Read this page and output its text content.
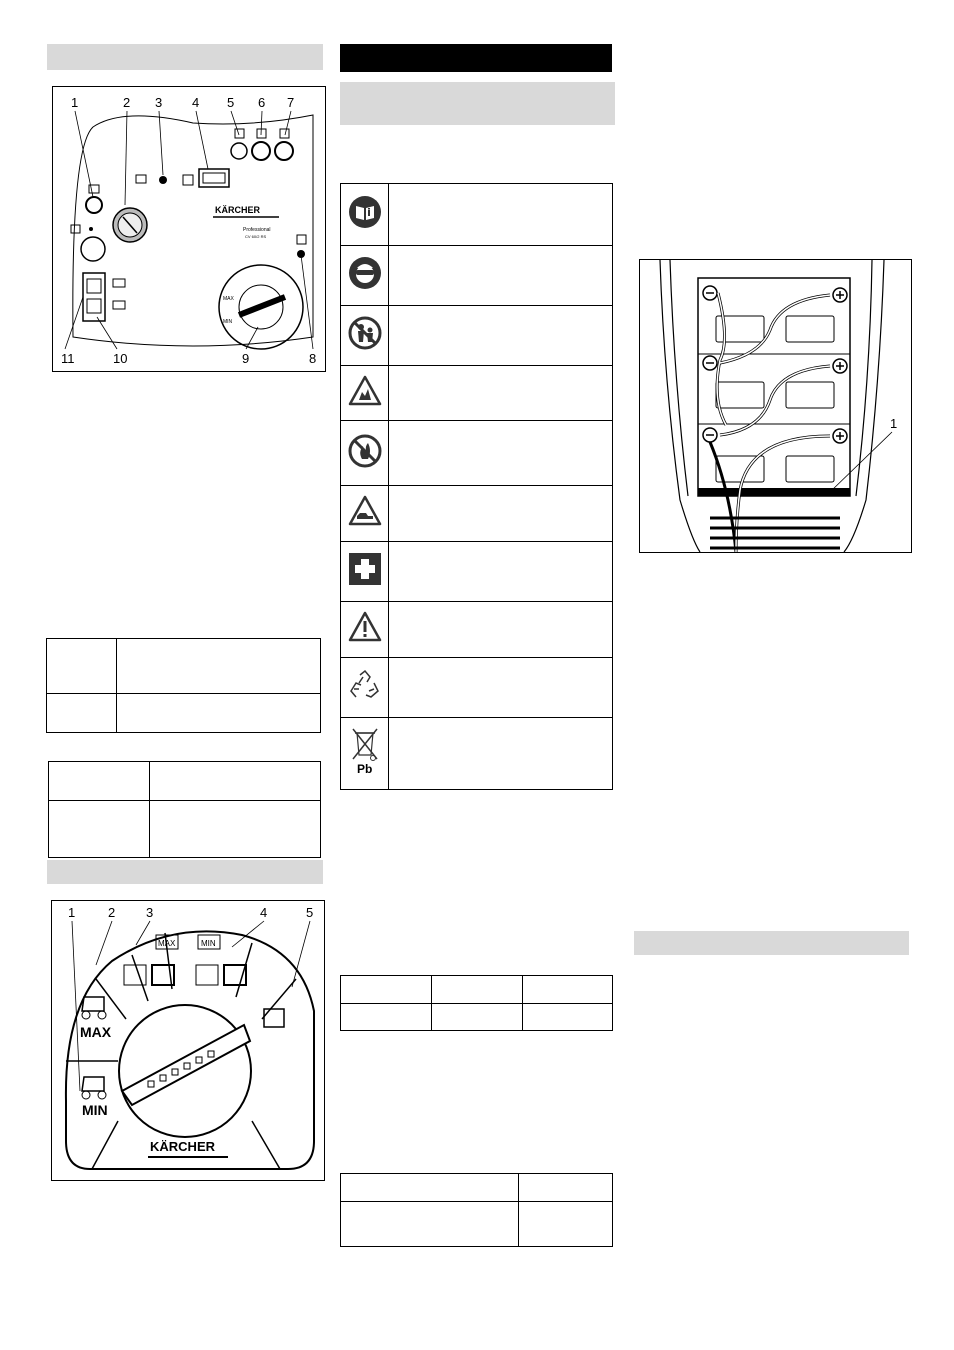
1	2 3 4 5 6 7
8
9
10
11
KÄRCHER
Professional
CV 60/2 RS
MAX
MIN

1	2 3	4	5
MAX
MIN
MAX	MIN
KÄRCHER

Pb	

1
